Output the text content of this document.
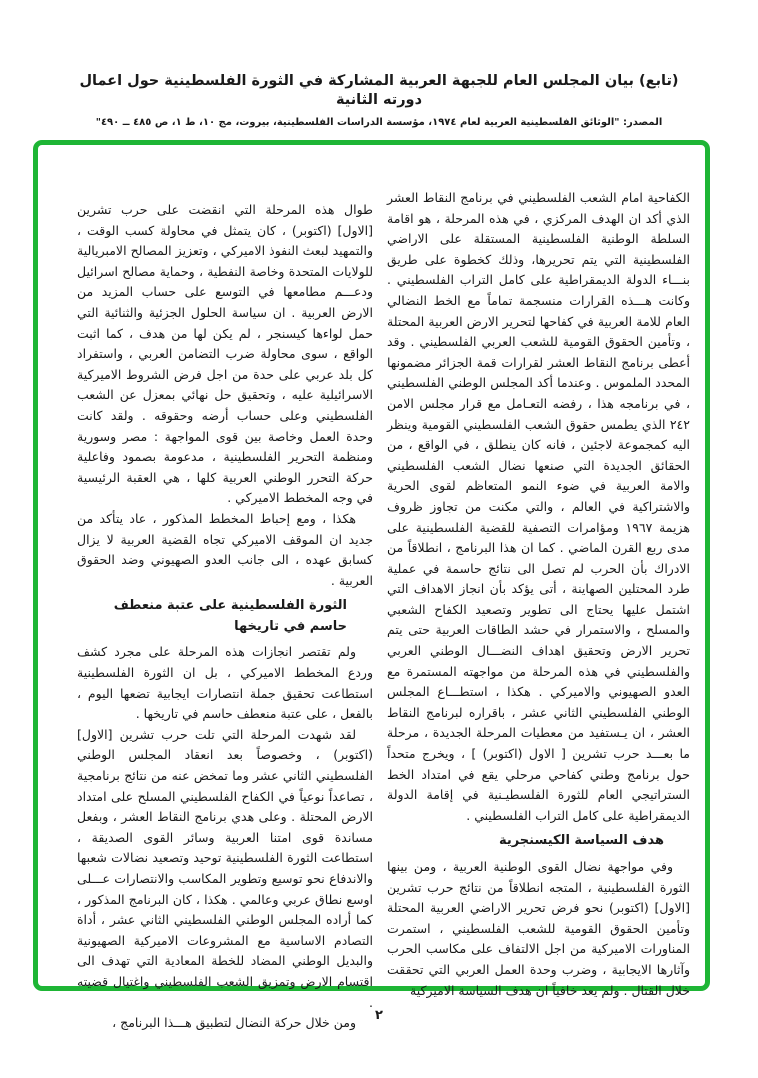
(تابع) بيان المجلس العام للجبهة العربية المشاركة في الثورة الفلسطينية حول اعمال دورته الثانية
المصدر: "الوثائق الفلسطينية العربية لعام ١٩٧٤، مؤسسة الدراسات الفلسطينية، بيروت، مج ١٠، ط ١، ص ٤٨٥ ــ ٤٩٠"

الكفاحية امام الشعب الفلسطيني في برنامج النقاط العشر الذي أكد ان الهدف المركزي ، في هذه المرحلة ، هو اقامة السلطة الوطنية الفلسطينية المستقلة على الاراضي الفلسطينية التي يتم تحريرها، وذلك كخطوة على طريق بنـــاء الدولة الديمقراطية على كامل التراب الفلسطيني . وكانت هـــذه القرارات منسجمة تماماً مع الخط النضالي العام للامة العربية في كفاحها لتحرير الارض العربية المحتلة ، وتأمين الحقوق القومية للشعب العربي الفلسطيني . وقد أعطى برنامج النقاط العشر لقرارات قمة الجزائر مضمونها المحدد الملموس . وعندما أكد المجلس الوطني الفلسطيني ، في برنامجه هذا ، رفضه التعـامل مع قرار مجلس الامن ٢٤٢ الذي يطمس حقوق الشعب الفلسطيني القومية وينظر اليه كمجموعة لاجئين ، فانه كان ينطلق ، في الواقع ، من الحقائق الجديدة التي صنعها نضال الشعب الفلسطيني والامة العربية في ضوء النمو المتعاظم لقوى الحرية والاشتراكية في العالم ، والتي مكنت من تجاوز ظروف هزيمة ١٩٦٧ ومؤامرات التصفية للقضية الفلسطينية على مدى ربع القرن الماضي . كما ان هذا البرنامج ، انطلاقاً من الادراك بأن الحرب لم تصل الى نتائج حاسمة في عملية طرد المحتلين الصهاينة ، أتى يؤكد بأن انجاز الاهداف التي اشتمل عليها يحتاج الى تطوير وتصعيد الكفاح الشعبي والمسلح ، والاستمرار في حشد الطاقات العربية حتى يتم تحرير الارض وتحقيق اهداف النضـــال الوطني العربي والفلسطيني في هذه المرحلة من مواجهته المستمرة مع العدو الصهيوني والاميركي . هكذا ، استطـــاع المجلس الوطني الفلسطيني الثاني عشر ، باقراره لبرنامج النقاط العشر ، ان يـستفيد من معطيات المرحلة الجديدة ، مرحلة ما بعـــد حرب تشرين [ الاول (اكتوبر) ] ، ويخرج متحداً حول برنامج وطني كفاحي مرحلي يقع في امتداد الخط الستراتيجي العام للثورة الفلسطيـنية في إقامة الدولة الديمقراطية على كامل التراب الفلسطيني .

هدف السياسة الكيسنجرية

وفي مواجهة نضال القوى الوطنية العربية ، ومن بينها الثورة الفلسطينية ، المتجه انطلاقاً من نتائج حرب تشرين [الاول] (اكتوبر) نحو فرض تحرير الاراضي العربية المحتلة وتأمين الحقوق القومية للشعب الفلسطيني ، استمرت المناورات الاميركية من اجل الالتفاف على مكاسب الحرب وآثارها الايجابية ، وضرب وحدة العمل العربي التي تحققت خلال القتال . ولم يعد خافياً ان هدف السياسة الاميركية

طوال هذه المرحلة التي انقضت على حرب تشرين [الاول] (اكتوبر) ، كان يتمثل في محاولة كسب الوقت ، والتمهيد لبعث النفوذ الاميركي ، وتعزيز المصالح الامبريالية للولايات المتحدة وخاصة النفطية ، وحماية مصالح اسرائيل ودعـــم مطامعها في التوسع على حساب المزيد من الارض العربية . ان سياسة الحلول الجزئية والثنائية التي حمل لواءها كيسنجر ، لم يكن لها من هدف ، كما اثبت الواقع ، سوى محاولة ضرب التضامن العربي ، واستفراد كل بلد عربي على حدة من اجل فرض الشروط الاميركية الاسرائيلية عليه ، وتحقيق حل نهائي بمعزل عن الشعب الفلسطيني وعلى حساب أرضه وحقوقه . ولقد كانت وحدة العمل وخاصة بين قوى المواجهة : مصر وسورية ومنظمة التحرير الفلسطينية ، مدعومة بصمود وفاعلية حركة التحرر الوطني العربية كلها ، هي العقبة الرئيسية في وجه المخطط الاميركي .

هكذا ، ومع إحباط المخطط المذكور ، عاد يتأكد من جديد ان الموقف الاميركي تجاه القضية العربية لا يزال كسابق عهده ، الى جانب العدو الصهيوني وضد الحقوق العربية .

الثورة الفلسطينية على عتبة منعطف حاسم في تاريخها

ولم تقتصر انجازات هذه المرحلة على مجرد كشف وردع المخطط الاميركي ، بل ان الثورة الفلسطينية استطاعت تحقيق جملة انتصارات ايجابية تضعها اليوم ، بالفعل ، على عتبة منعطف حاسم في تاريخها .

لقد شهدت المرحلة التي تلت حرب تشرين [الاول] (اكتوبر) ، وخصوصاً بعد انعقاد المجلس الوطني الفلسطيني الثاني عشر وما تمخض عنه من نتائج برنامجية ، تصاعداً نوعياً في الكفاح الفلسطيني المسلح على امتداد الارض المحتلة . وعلى هدي برنامج النقاط العشر ، وبفعل مساندة قوى امتنا العربية وسائر القوى الصديقة ، استطاعت الثورة الفلسطينية توحيد وتصعيد نضالات شعبها والاندفاع نحو توسيع وتطوير المكاسب والانتصارات عـــلى اوسع نطاق عربي وعالمي . هكذا ، كان البرنامج المذكور ، كما أراده المجلس الوطني الفلسطيني الثاني عشر ، أداة التصادم الاساسية مع المشروعات الاميركية الصهيونية والبديل الوطني المضاد للخطة المعادية التي تهدف الى اقتسام الارض وتمزيق الشعب الفلسطيني واغتيال قضيته .

ومن خلال حركة النضال لتطبيق هـــذا البرنامج ،	٢
